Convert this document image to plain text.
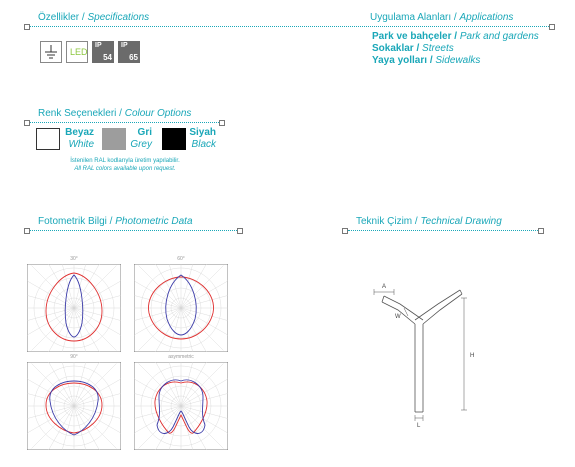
Özellikler / Specifications
LED
IP
54
IP
65
Uygulama Alanları / Applications
Park ve bahçeler / Park and gardens
Sokaklar / Streets
Yaya yolları / Sidewalks
Renk Seçenekleri / Colour Options
Beyaz
White
Gri
Grey
Siyah
Black
İstenilen RAL kodlarıyla üretim yapılabilir.
All RAL colors available upon request.
Fotometrik Bilgi / Photometric Data
30°	60°
90°	asymmetric
Teknik Çizim / Technical Drawing
A
W
H
L
